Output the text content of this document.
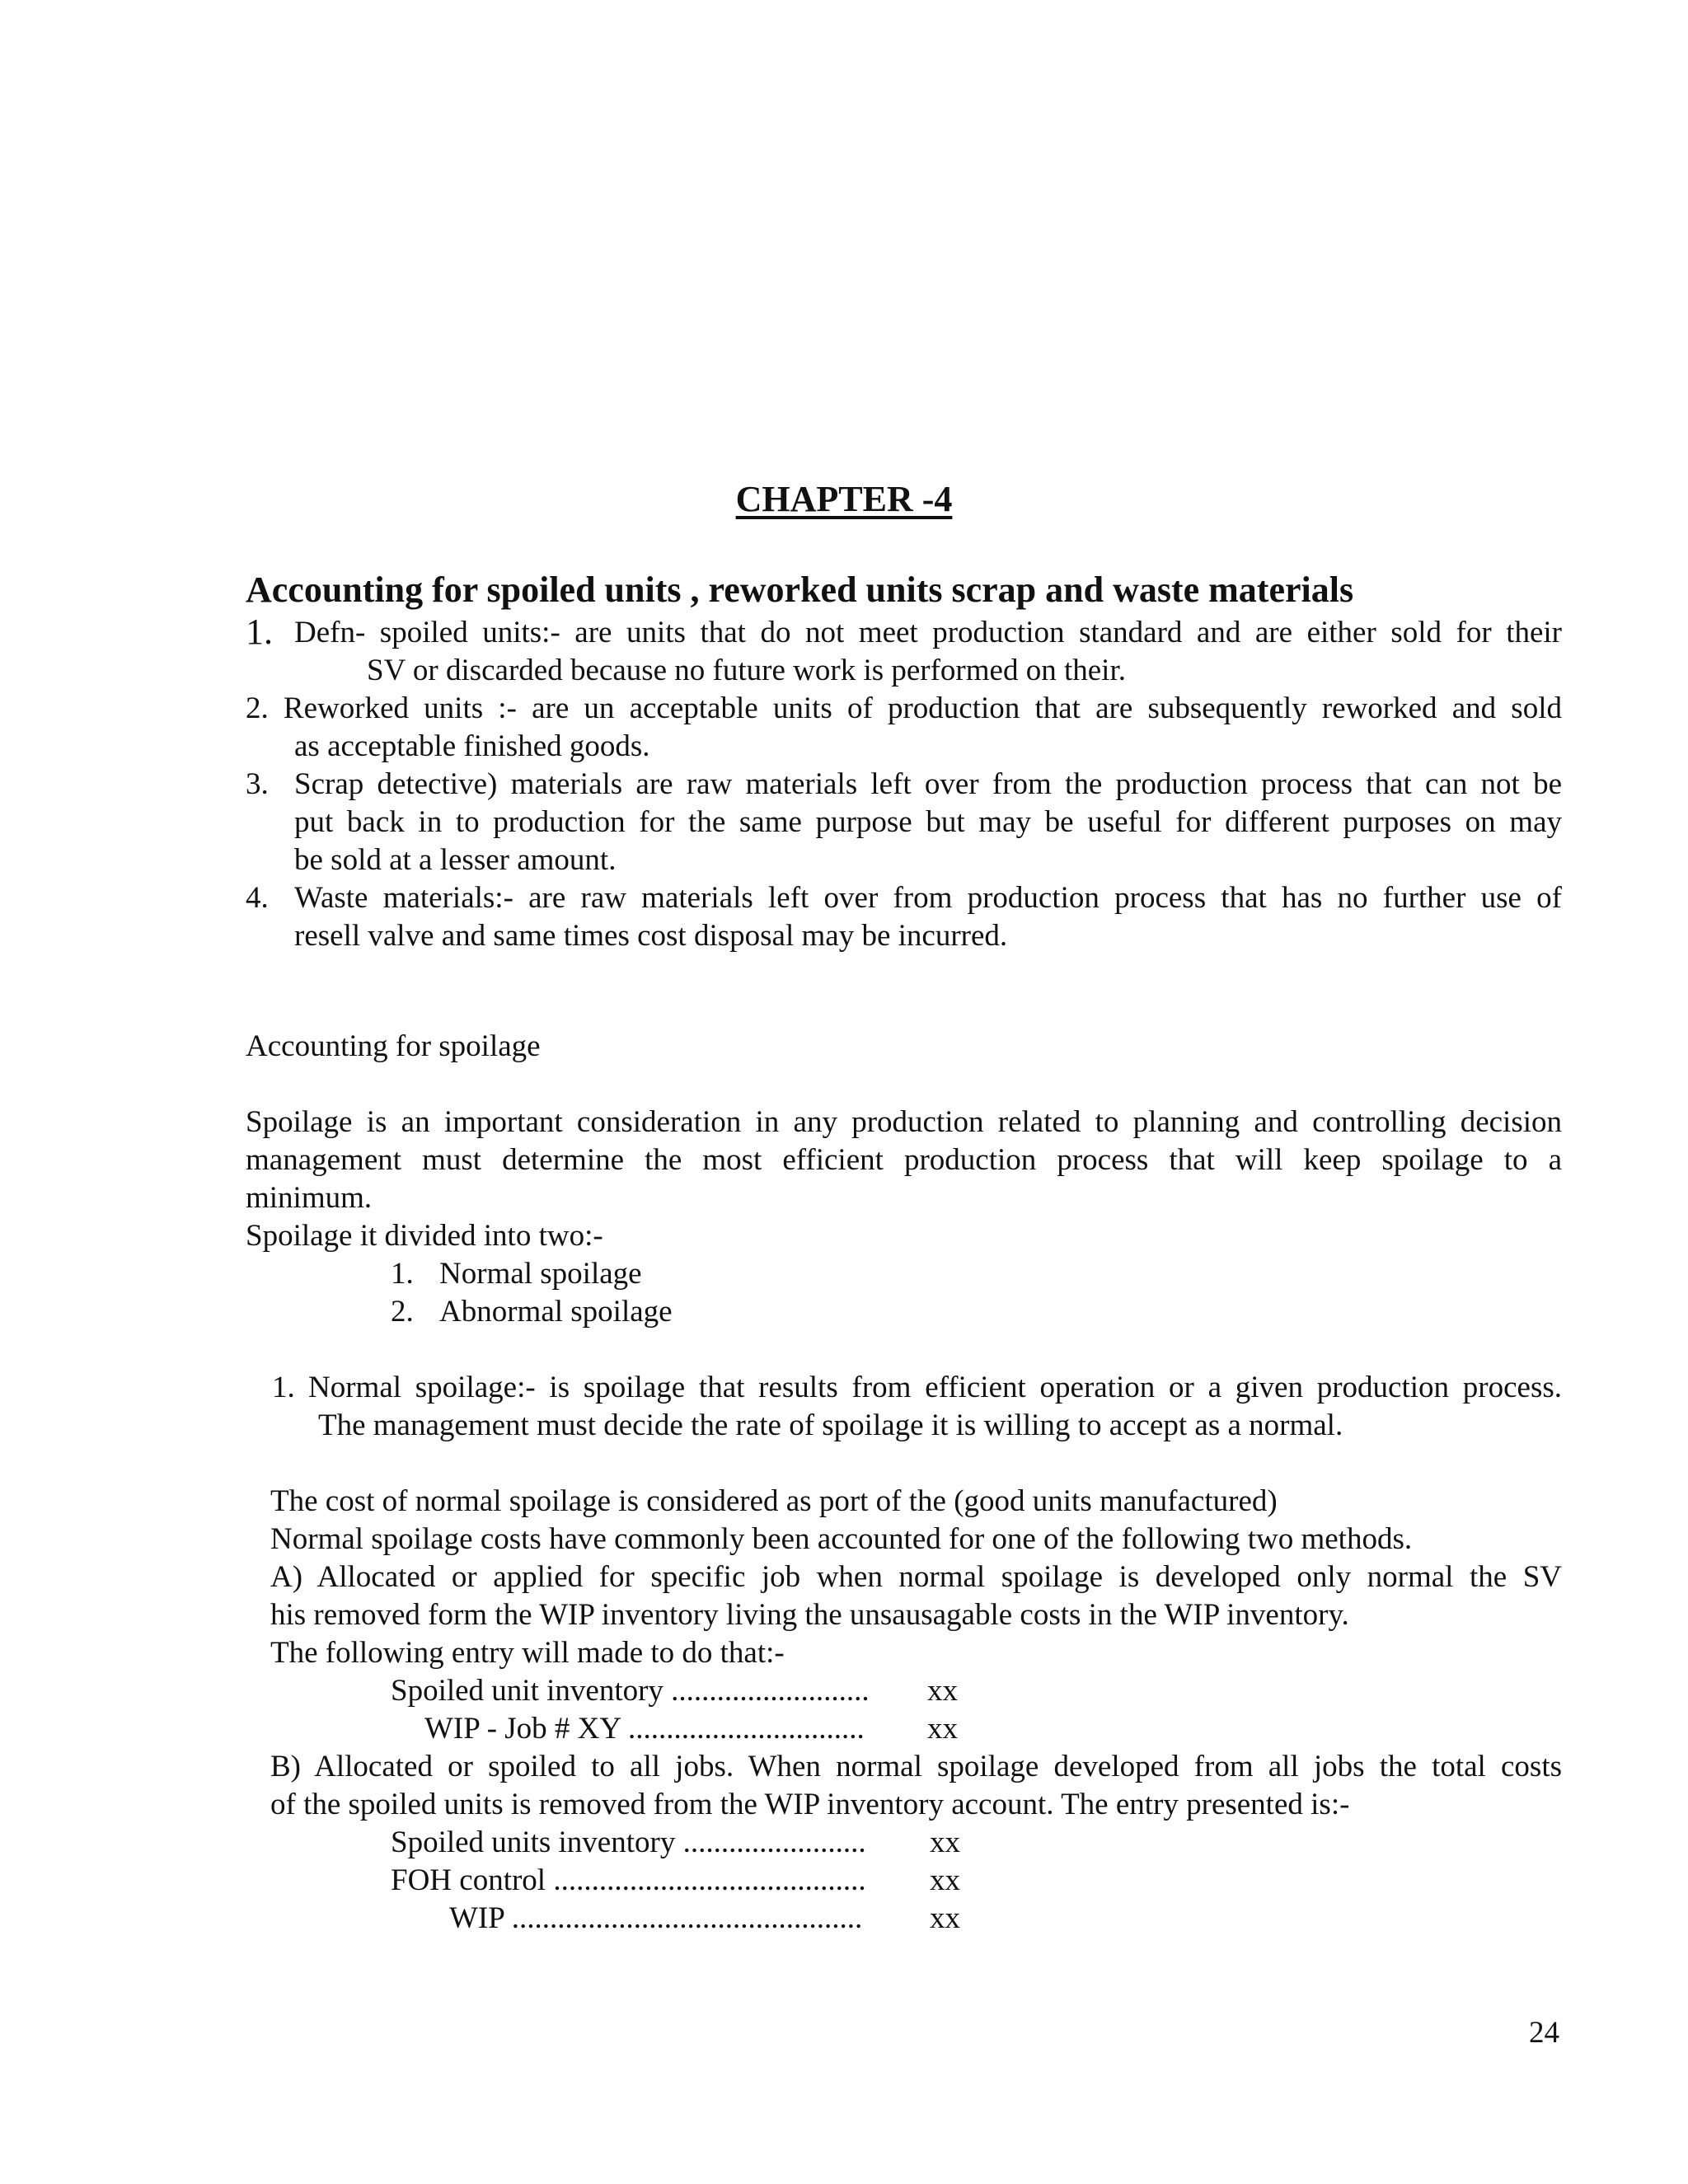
CHAPTER -4
Accounting for spoiled units , reworked units scrap and waste materials
1. Defn- spoiled units:- are units that do not meet production standard and are either sold for their
SV or discarded because no future work is performed on their.
2. Reworked units :- are un acceptable units of production that are subsequently reworked and sold
as acceptable finished goods.
3. Scrap detective) materials are raw materials left over from the production process that can not be
put back in to production for the same purpose but may be useful for different purposes on may
be sold at a lesser amount.
4. Waste materials:- are raw materials left over from production process that has no further use of
resell valve and same times cost disposal may be incurred.
Accounting for spoilage
Spoilage is an important consideration in any production related to planning and controlling decision
management must determine the most efficient production process that will keep spoilage to a
minimum.
Spoilage it divided into two:-
1. Normal spoilage
2. Abnormal spoilage
1. Normal spoilage:- is spoilage that results from efficient operation or a given production process.
The management must decide the rate of spoilage it is willing to accept as a normal.
The cost of normal spoilage is considered as port of the (good units manufactured)
Normal spoilage costs have commonly been accounted for one of the following two methods.
A) Allocated or applied for specific job when normal spoilage is developed only normal the SV
his removed form the WIP inventory living the unsausagable costs in the WIP inventory.
The following entry will made to do that:-
Spoiled unit inventory .......................... xx
WIP - Job # XY ............................... xx
B) Allocated or spoiled to all jobs. When normal spoilage developed from all jobs the total costs
of the spoiled units is removed from the WIP inventory account. The entry presented is:-
Spoiled units inventory ........................ xx
FOH control ......................................... xx
WIP .............................................. xx
24
